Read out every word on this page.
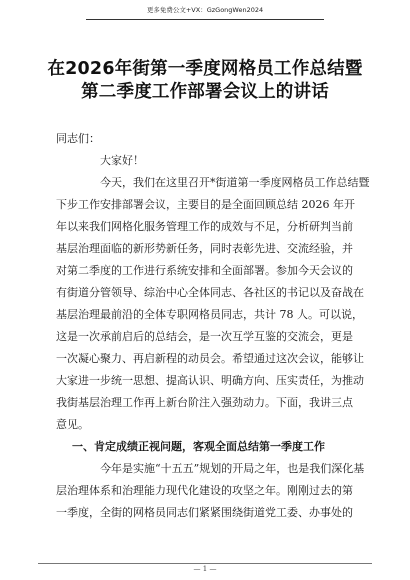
更多免费公文+VX：GzGongWen2024
在2026年街第一季度网格员工作总结暨
第二季度工作部署会议上的讲话
同志们：
大家好！
今天，我们在这里召开*街道第一季度网格员工作总结暨
下步工作安排部署会议，主要目的是全面回顾总结 2026 年开
年以来我们网格化服务管理工作的成效与不足，分析研判当前
基层治理面临的新形势新任务，同时表彰先进、交流经验，并
对第二季度的工作进行系统安排和全面部署。参加今天会议的
有街道分管领导、综治中心全体同志、各社区的书记以及奋战在
基层治理最前沿的全体专职网格员同志，共计 78 人。可以说，
这是一次承前启后的总结会，是一次互学互鉴的交流会，更是
一次凝心聚力、再启新程的动员会。希望通过这次会议，能够让
大家进一步统一思想、提高认识、明确方向、压实责任，为推动
我街基层治理工作再上新台阶注入强劲动力。下面，我讲三点
意见。
一、肯定成绩正视问题，客观全面总结第一季度工作
今年是实施“十五五”规划的开局之年，也是我们深化基
层治理体系和治理能力现代化建设的攻坚之年。刚刚过去的第
一季度，全街的网格员同志们紧紧围绕街道党工委、办事处的
— 1 —
